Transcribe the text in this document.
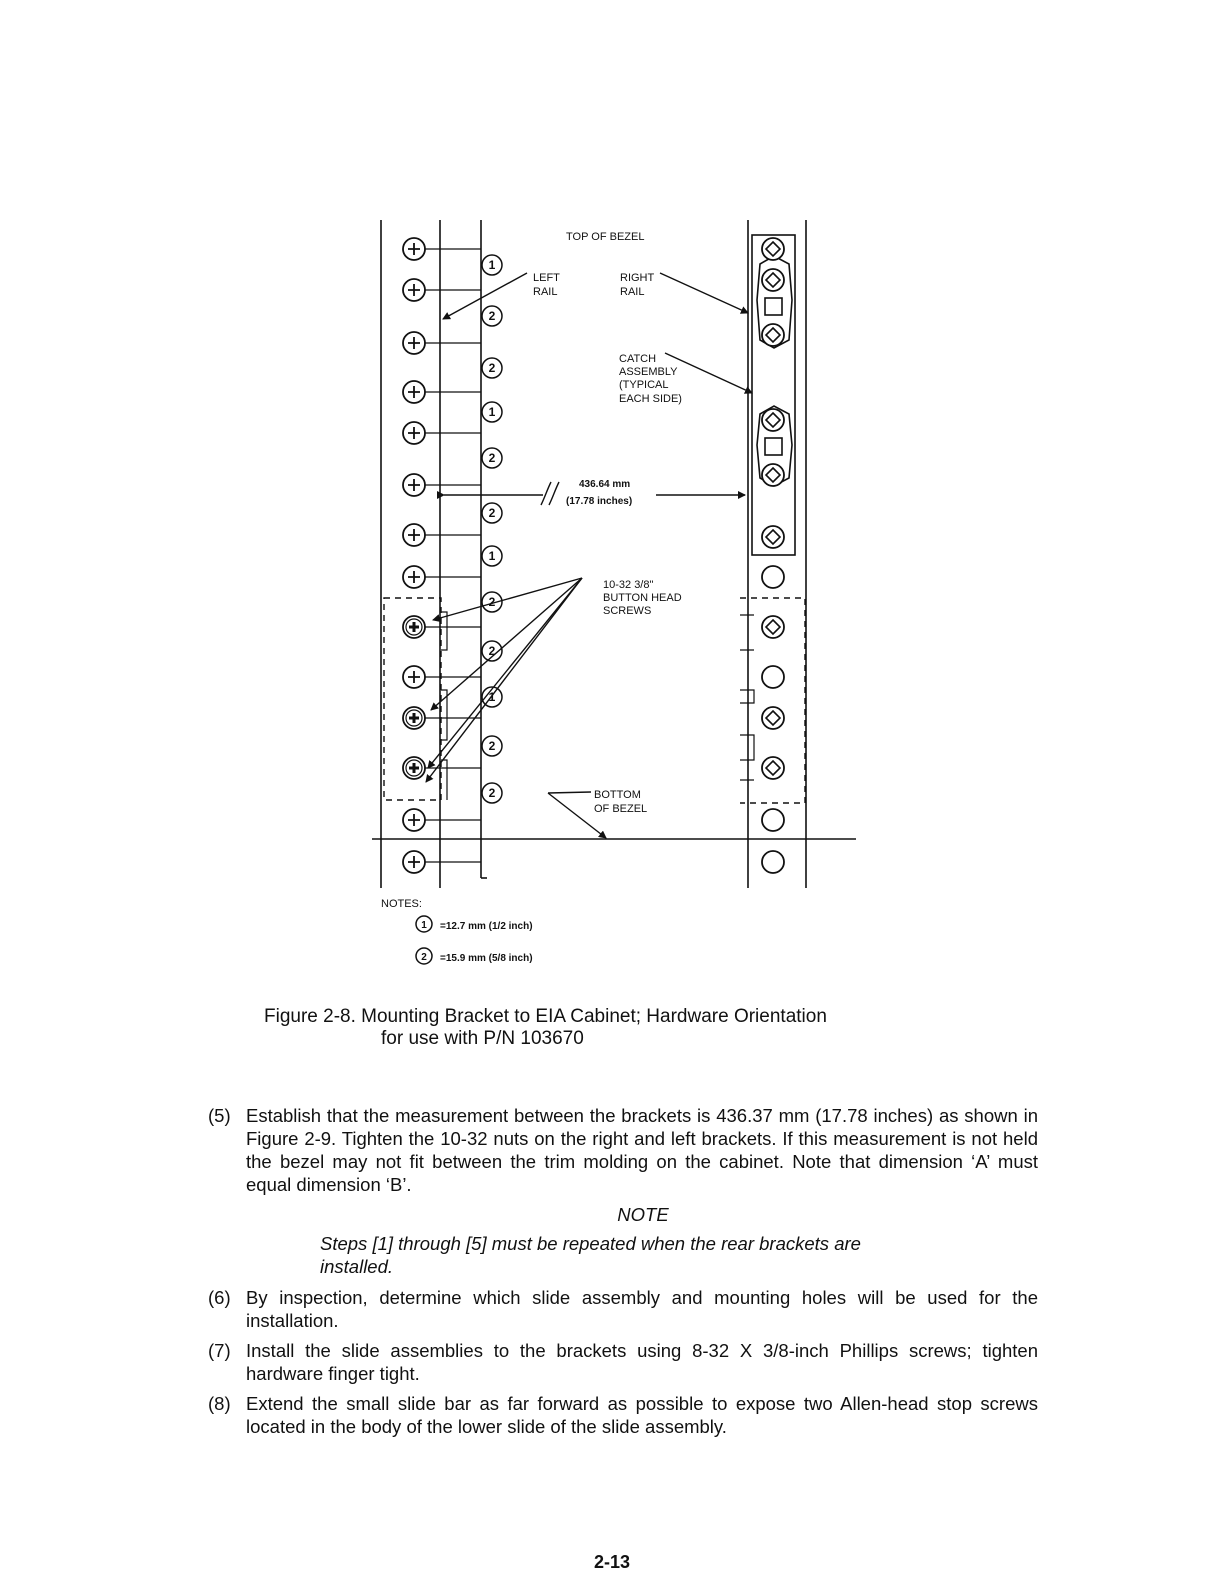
1
2
2
1
2
2
1
2
2
1
2
2
TOP OF BEZEL
LEFT
RAIL
RIGHT
RAIL
CATCH
ASSEMBLY
(TYPICAL
EACH SIDE)
436.64 mm
(17.78 inches)
10-32 3/8"
BUTTON HEAD
SCREWS
BOTTOM
OF BEZEL
NOTES:
1 =12.7 mm (1/2 inch)
2 =15.9 mm (5/8 inch)
Figure 2-8. Mounting Bracket to EIA Cabinet; Hardware Orientation
for use with P/N 103670
(5) Establish that the measurement between the brackets is 436.37 mm (17.78 inches) as shown in Figure 2-9. Tighten the 10-32 nuts on the right and left brackets. If this measurement is not held the bezel may not fit between the trim molding on the cabinet. Note that dimension ‘A’ must equal dimension ‘B’.
NOTE
Steps [1] through [5] must be repeated when the rear brackets are installed.
(6) By inspection, determine which slide assembly and mounting holes will be used for the installation.
(7) Install the slide assemblies to the brackets using 8-32 X 3/8-inch Phillips screws; tighten hardware finger tight.
(8) Extend the small slide bar as far forward as possible to expose two Allen-head stop screws located in the body of the lower slide of the slide assembly.
2-13
